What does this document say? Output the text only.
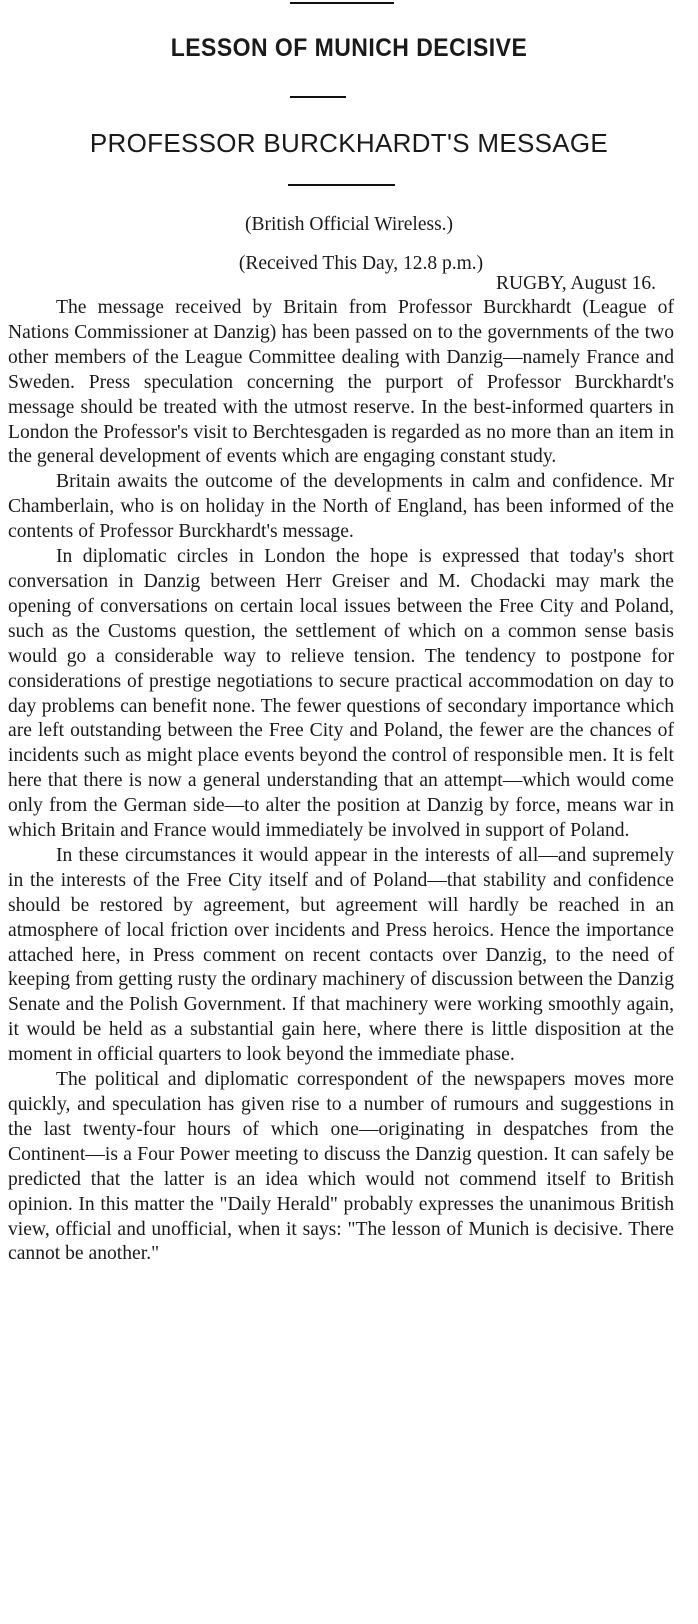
LESSON OF MUNICH DECISIVE
PROFESSOR BURCKHARDT'S MESSAGE
(British Official Wireless.)
(Received This Day, 12.8 p.m.)
RUGBY, August 16.

The message received by Britain from Professor Burckhardt (League of Nations Commissioner at Danzig) has been passed on to the governments of the two other members of the League Committee dealing with Danzig—namely France and Sweden. Press speculation concerning the purport of Professor Burckhardt's message should be treated with the utmost reserve. In the best-informed quarters in London the Professor's visit to Berchtesgaden is regarded as no more than an item in the general development of events which are engaging constant study.

Britain awaits the outcome of the developments in calm and confidence. Mr Chamberlain, who is on holiday in the North of England, has been informed of the contents of Professor Burckhardt's message.

In diplomatic circles in London the hope is expressed that today's short conversation in Danzig between Herr Greiser and M. Chodacki may mark the opening of conversations on certain local issues between the Free City and Poland, such as the Customs question, the settlement of which on a common sense basis would go a considerable way to relieve tension. The tendency to postpone for considerations of prestige negotiations to secure practical accommodation on day to day problems can benefit none. The fewer questions of secondary importance which are left outstanding between the Free City and Poland, the fewer are the chances of incidents such as might place events beyond the control of responsible men. It is felt here that there is now a general understanding that an attempt—which would come only from the German side—to alter the position at Danzig by force, means war in which Britain and France would immediately be involved in support of Poland.

In these circumstances it would appear in the interests of all—and supremely in the interests of the Free City itself and of Poland—that stability and confidence should be restored by agreement, but agreement will hardly be reached in an atmosphere of local friction over incidents and Press heroics. Hence the importance attached here, in Press comment on recent contacts over Danzig, to the need of keeping from getting rusty the ordinary machinery of discussion between the Danzig Senate and the Polish Government. If that machinery were working smoothly again, it would be held as a substantial gain here, where there is little disposition at the moment in official quarters to look beyond the immediate phase.

The political and diplomatic correspondent of the newspapers moves more quickly, and speculation has given rise to a number of rumours and suggestions in the last twenty-four hours of which one—originating in despatches from the Continent—is a Four Power meeting to discuss the Danzig question. It can safely be predicted that the latter is an idea which would not commend itself to British opinion. In this matter the "Daily Herald" probably expresses the unanimous British view, official and unofficial, when it says: "The lesson of Munich is decisive. There cannot be another."
